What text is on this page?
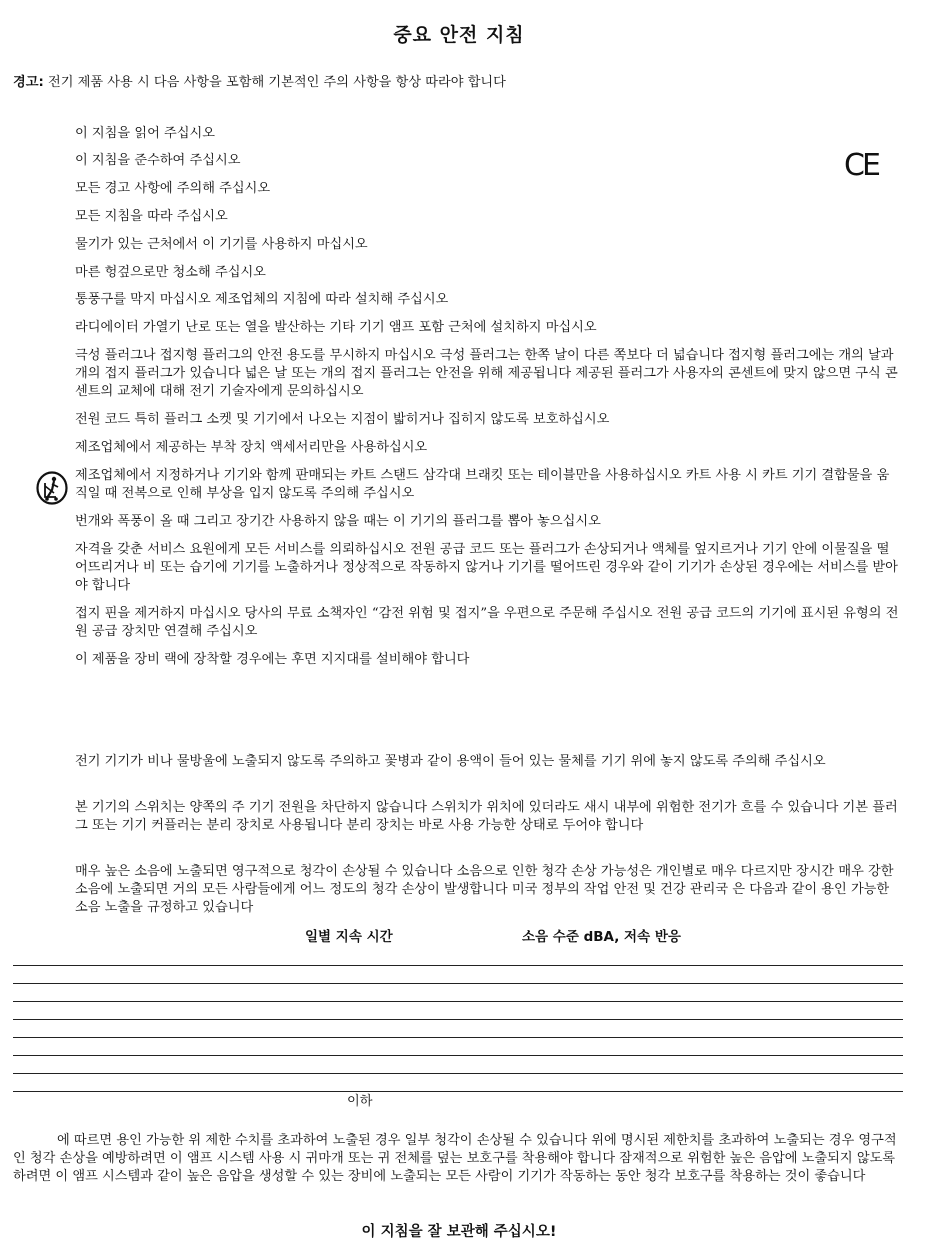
중요 안전 지침
경고: 전기 제품 사용 시 다음 사항을 포함해 기본적인 주의 사항을 항상 따라야 합니다
CE
이 지침을 읽어 주십시오
이 지침을 준수하여 주십시오
모든 경고 사항에 주의해 주십시오
모든 지침을 따라 주십시오
물기가 있는 근처에서 이 기기를 사용하지 마십시오
마른 헝겊으로만 청소해 주십시오
통풍구를 막지 마십시오 제조업체의 지침에 따라 설치해 주십시오
라디에이터 가열기 난로 또는 열을 발산하는 기타 기기 앰프 포함 근처에 설치하지 마십시오
극성 플러그나 접지형 플러그의 안전 용도를 무시하지 마십시오 극성 플러그는 한쪽 날이 다른 쪽보다 더 넓습니다 접지형 플러그에는 개의 날과 개의 접지 플러그가 있습니다 넓은 날 또는 개의 접지 플러그는 안전을 위해 제공됩니다 제공된 플러그가 사용자의 콘센트에 맞지 않으면 구식 콘센트의 교체에 대해 전기 기술자에게 문의하십시오
전원 코드 특히 플러그 소켓 및 기기에서 나오는 지점이 밟히거나 집히지 않도록 보호하십시오
제조업체에서 제공하는 부착 장치 액세서리만을 사용하십시오
제조업체에서 지정하거나 기기와 함께 판매되는 카트 스탠드 삼각대 브래킷 또는 테이블만을 사용하십시오 카트 사용 시 카트 기기 결합물을 움직일 때 전복으로 인해 부상을 입지 않도록 주의해 주십시오
번개와 폭풍이 올 때 그리고 장기간 사용하지 않을 때는 이 기기의 플러그를 뽑아 놓으십시오
자격을 갖춘 서비스 요원에게 모든 서비스를 의뢰하십시오 전원 공급 코드 또는 플러그가 손상되거나 액체를 엎지르거나 기기 안에 이물질을 떨어뜨리거나 비 또는 습기에 기기를 노출하거나 정상적으로 작동하지 않거나 기기를 떨어뜨린 경우와 같이 기기가 손상된 경우에는 서비스를 받아야 합니다
접지 핀을 제거하지 마십시오 당사의 무료 소책자인 “감전 위험 및 접지”을 우편으로 주문해 주십시오 전원 공급 코드의 기기에 표시된 유형의 전원 공급 장치만 연결해 주십시오
이 제품을 장비 랙에 장착할 경우에는 후면 지지대를 설비해야 합니다
전기 기기가 비나 물방울에 노출되지 않도록 주의하고 꽃병과 같이 용액이 들어 있는 물체를 기기 위에 놓지 않도록 주의해 주십시오
본 기기의 스위치는 양쪽의 주 기기 전원을 차단하지 않습니다 스위치가 위치에 있더라도 새시 내부에 위험한 전기가 흐를 수 있습니다 기본 플러그 또는 기기 커플러는 분리 장치로 사용됩니다 분리 장치는 바로 사용 가능한 상태로 두어야 합니다
매우 높은 소음에 노출되면 영구적으로 청각이 손상될 수 있습니다 소음으로 인한 청각 손상 가능성은 개인별로 매우 다르지만 장시간 매우 강한 소음에 노출되면 거의 모든 사람들에게 어느 정도의 청각 손상이 발생합니다 미국 정부의 작업 안전 및 건강 관리국 은 다음과 같이 용인 가능한 소음 노출을 규정하고 있습니다
일별 지속 시간	소음 수준 dBA, 저속 반응
이하
에 따르면 용인 가능한 위 제한 수치를 초과하여 노출된 경우 일부 청각이 손상될 수 있습니다 위에 명시된 제한치를 초과하여 노출되는 경우 영구적인 청각 손상을 예방하려면 이 앰프 시스템 사용 시 귀마개 또는 귀 전체를 덮는 보호구를 착용해야 합니다 잠재적으로 위험한 높은 음압에 노출되지 않도록 하려면 이 앰프 시스템과 같이 높은 음압을 생성할 수 있는 장비에 노출되는 모든 사람이 기기가 작동하는 동안 청각 보호구를 착용하는 것이 좋습니다
이 지침을 잘 보관해 주십시오!
